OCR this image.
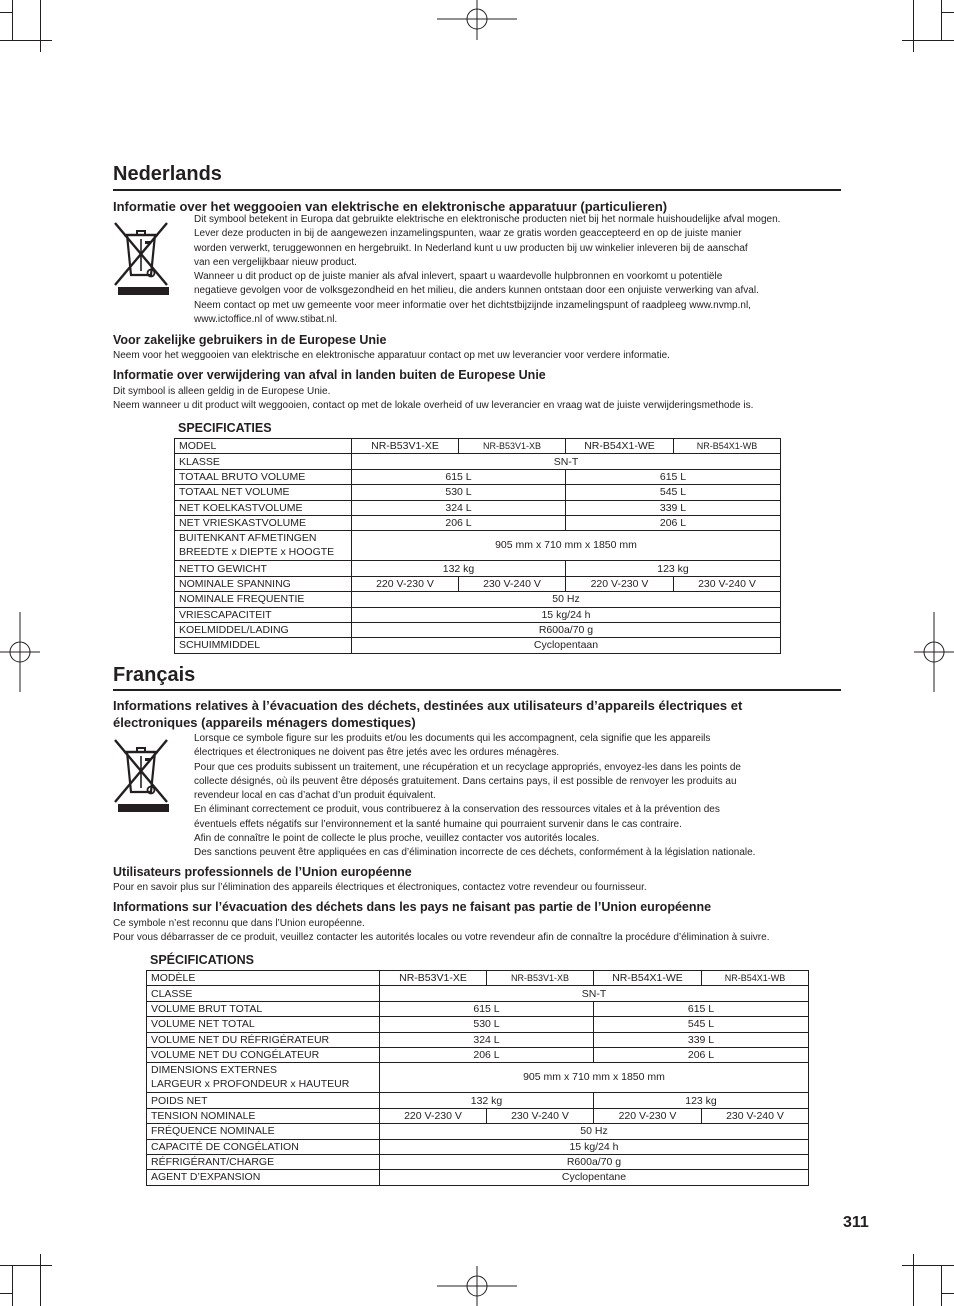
Nederlands
Informatie over het weggooien van elektrische en elektronische apparatuur (particulieren)

Dit symbool betekent in Europa dat gebruikte elektrische en elektronische producten niet bij het normale huishoudelijke afval mogen.

Lever deze producten in bij de aangewezen inzamelingspunten, waar ze gratis worden geaccepteerd en op de juiste manier

worden verwerkt, teruggewonnen en hergebruikt. In Nederland kunt u uw producten bij uw winkelier inleveren bij de aanschaf

van een vergelijkbaar nieuw product.

Wanneer u dit product op de juiste manier als afval inlevert, spaart u waardevolle hulpbronnen en voorkomt u potentiële

negatieve gevolgen voor de volksgezondheid en het milieu, die anders kunnen ontstaan door een onjuiste verwerking van afval.

Neem contact op met uw gemeente voor meer informatie over het dichtstbijzijnde inzamelingspunt of raadpleeg www.nvmp.nl,

www.ictoffice.nl of www.stibat.nl.

Voor zakelijke gebruikers in de Europese Unie

Neem voor het weggooien van elektrische en elektronische apparatuur contact op met uw leverancier voor verdere informatie.

Informatie over verwijdering van afval in landen buiten de Europese Unie

Dit symbool is alleen geldig in de Europese Unie.

Neem wanneer u dit product wilt weggooien, contact op met de lokale overheid of uw leverancier en vraag wat de juiste verwijderingsmethode is.

SPECIFICATIES
MODEL	NR-B53V1-XE	NR-B53V1-XB	NR-B54X1-WE	NR-B54X1-WB
KLASSE	SN-T			
TOTAAL BRUTO VOLUME	615 L		615 L	
TOTAAL NET VOLUME	530 L		545 L	
NET KOELKASTVOLUME	324 L		339 L	
NET VRIESKASTVOLUME	206 L		206 L	
BUITENKANT AFMETINGEN
BREEDTE x DIEPTE x HOOGTE	905 mm x 710 mm x 1850 mm			
NETTO GEWICHT	132 kg		123 kg	
NOMINALE SPANNING	220 V-230 V	230 V-240 V	220 V-230 V	230 V-240 V
NOMINALE FREQUENTIE	50 Hz			
VRIESCAPACITEIT	15 kg/24 h			
KOELMIDDEL/LADING	R600a/70 g			
SCHUIMMIDDEL	Cyclopentaan			
Français
Informations relatives à l’évacuation des déchets, destinées aux utilisateurs d’appareils électriques et
électroniques (appareils ménagers domestiques)

Lorsque ce symbole figure sur les produits et/ou les documents qui les accompagnent, cela signifie que les appareils

électriques et électroniques ne doivent pas être jetés avec les ordures ménagères.

Pour que ces produits subissent un traitement, une récupération et un recyclage appropriés, envoyez-les dans les points de

collecte désignés, où ils peuvent être déposés gratuitement. Dans certains pays, il est possible de renvoyer les produits au

revendeur local en cas d’achat d’un produit équivalent.

En éliminant correctement ce produit, vous contribuerez à la conservation des ressources vitales et à la prévention des

éventuels effets négatifs sur l’environnement et la santé humaine qui pourraient survenir dans le cas contraire.

Afin de connaître le point de collecte le plus proche, veuillez contacter vos autorités locales.

Des sanctions peuvent être appliquées en cas d’élimination incorrecte de ces déchets, conformément à la législation nationale.

Utilisateurs professionnels de l’Union européenne

Pour en savoir plus sur l’élimination des appareils électriques et électroniques, contactez votre revendeur ou fournisseur.

Informations sur l’évacuation des déchets dans les pays ne faisant pas partie de l’Union européenne

Ce symbole n’est reconnu que dans l’Union européenne.

Pour vous débarrasser de ce produit, veuillez contacter les autorités locales ou votre revendeur afin de connaître la procédure d’élimination à suivre.

SPÉCIFICATIONS
MODÈLE	NR-B53V1-XE	NR-B53V1-XB	NR-B54X1-WE	NR-B54X1-WB
CLASSE	SN-T			
VOLUME BRUT TOTAL	615 L		615 L	
VOLUME NET TOTAL	530 L		545 L	
VOLUME NET DU RÉFRIGÉRATEUR	324 L		339 L	
VOLUME NET DU CONGÉLATEUR	206 L		206 L	
DIMENSIONS EXTERNES
LARGEUR x PROFONDEUR x HAUTEUR	905 mm x 710 mm x 1850 mm			
POIDS NET	132 kg		123 kg	
TENSION NOMINALE	220 V-230 V	230 V-240 V	220 V-230 V	230 V-240 V
FRÉQUENCE NOMINALE	50 Hz			
CAPACITÉ DE CONGÉLATION	15 kg/24 h			
RÉFRIGÉRANT/CHARGE	R600a/70 g			
AGENT D’EXPANSION	Cyclopentane			
311
